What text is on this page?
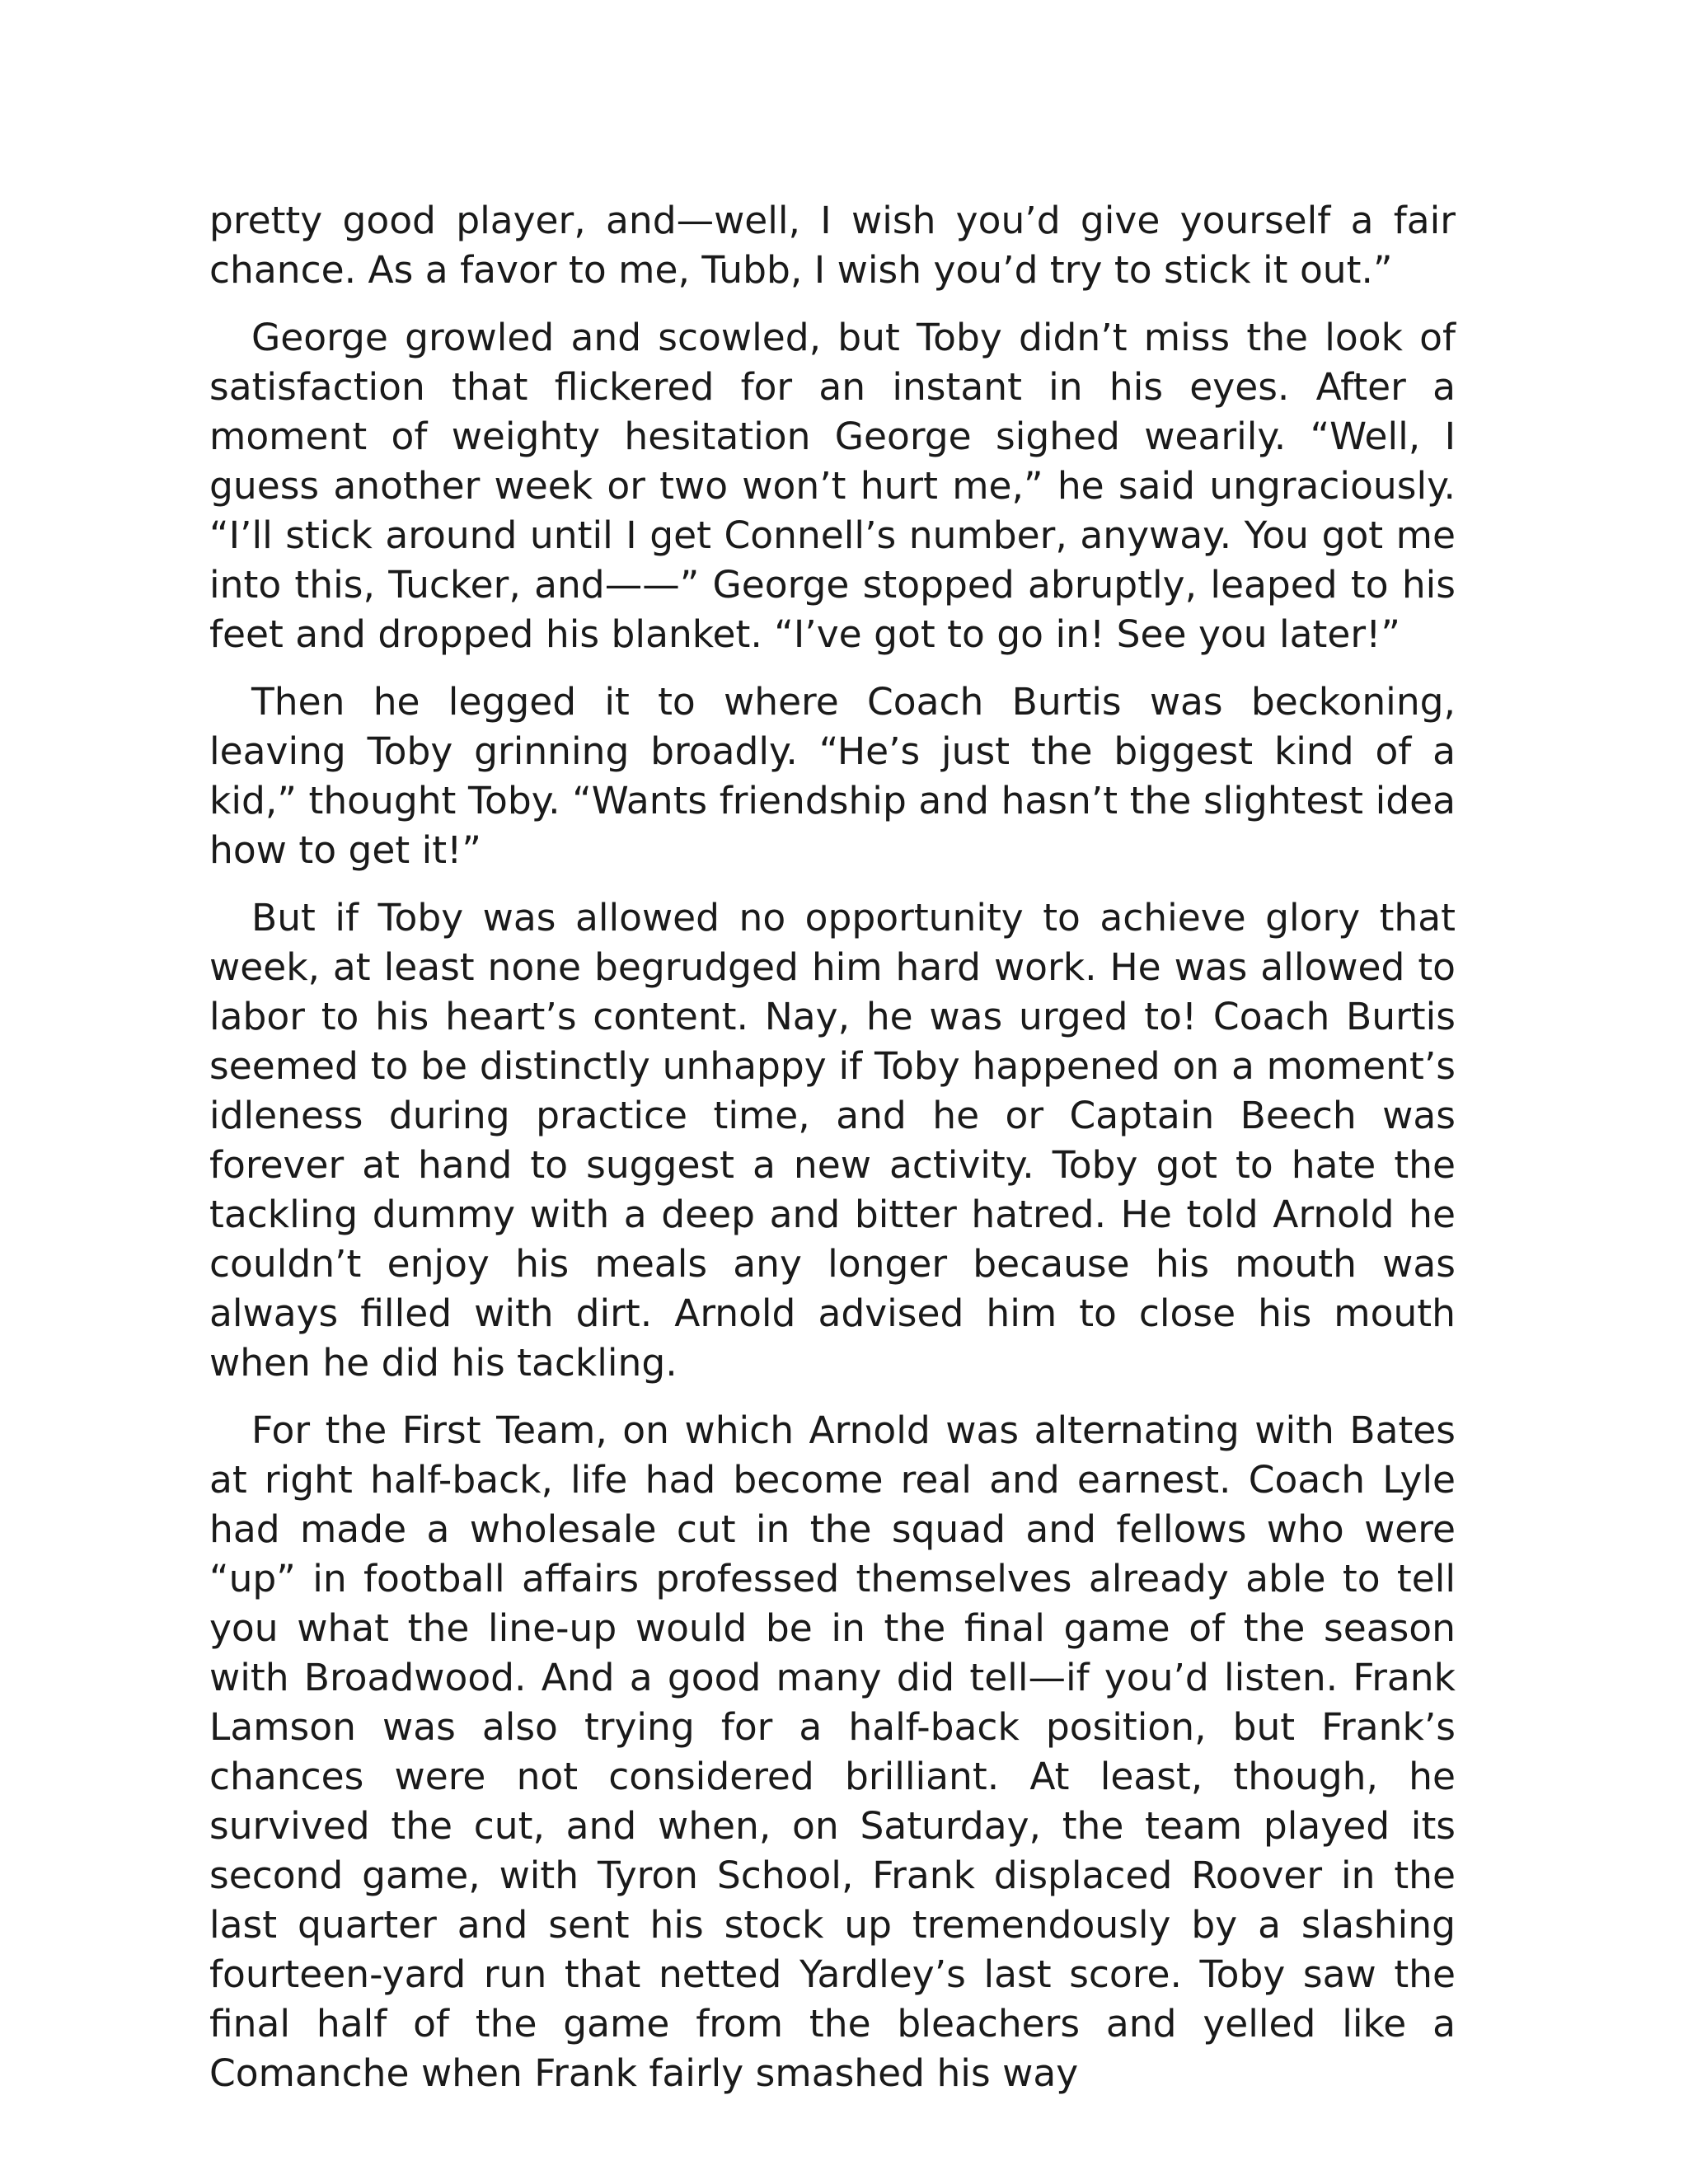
pretty good player, and—well, I wish you’d give yourself a fair chance. As a favor to me, Tubb, I wish you’d try to stick it out.”

George growled and scowled, but Toby didn’t miss the look of satisfaction that flickered for an instant in his eyes. After a moment of weighty hesitation George sighed wearily. “Well, I guess another week or two won’t hurt me,” he said ungraciously. “I’ll stick around until I get Connell’s number, anyway. You got me into this, Tucker, and——” George stopped abruptly, leaped to his feet and dropped his blanket. “I’ve got to go in! See you later!”

Then he legged it to where Coach Burtis was beckoning, leaving Toby grinning broadly. “He’s just the biggest kind of a kid,” thought Toby. “Wants friendship and hasn’t the slightest idea how to get it!”

But if Toby was allowed no opportunity to achieve glory that week, at least none begrudged him hard work. He was allowed to labor to his heart’s content. Nay, he was urged to! Coach Burtis seemed to be distinctly unhappy if Toby happened on a moment’s idleness during practice time, and he or Captain Beech was forever at hand to suggest a new activity. Toby got to hate the tackling dummy with a deep and bitter hatred. He told Arnold he couldn’t enjoy his meals any longer because his mouth was always filled with dirt. Arnold advised him to close his mouth when he did his tackling.

For the First Team, on which Arnold was alternating with Bates at right half-back, life had become real and earnest. Coach Lyle had made a wholesale cut in the squad and fellows who were “up” in football affairs professed themselves already able to tell you what the line-up would be in the final game of the season with Broadwood. And a good many did tell—if you’d listen. Frank Lamson was also trying for a half-back position, but Frank’s chances were not considered brilliant. At least, though, he survived the cut, and when, on Saturday, the team played its second game, with Tyron School, Frank displaced Roover in the last quarter and sent his stock up tremendously by a slashing fourteen-yard run that netted Yardley’s last score. Toby saw the final half of the game from the bleachers and yelled like a Comanche when Frank fairly smashed his way
